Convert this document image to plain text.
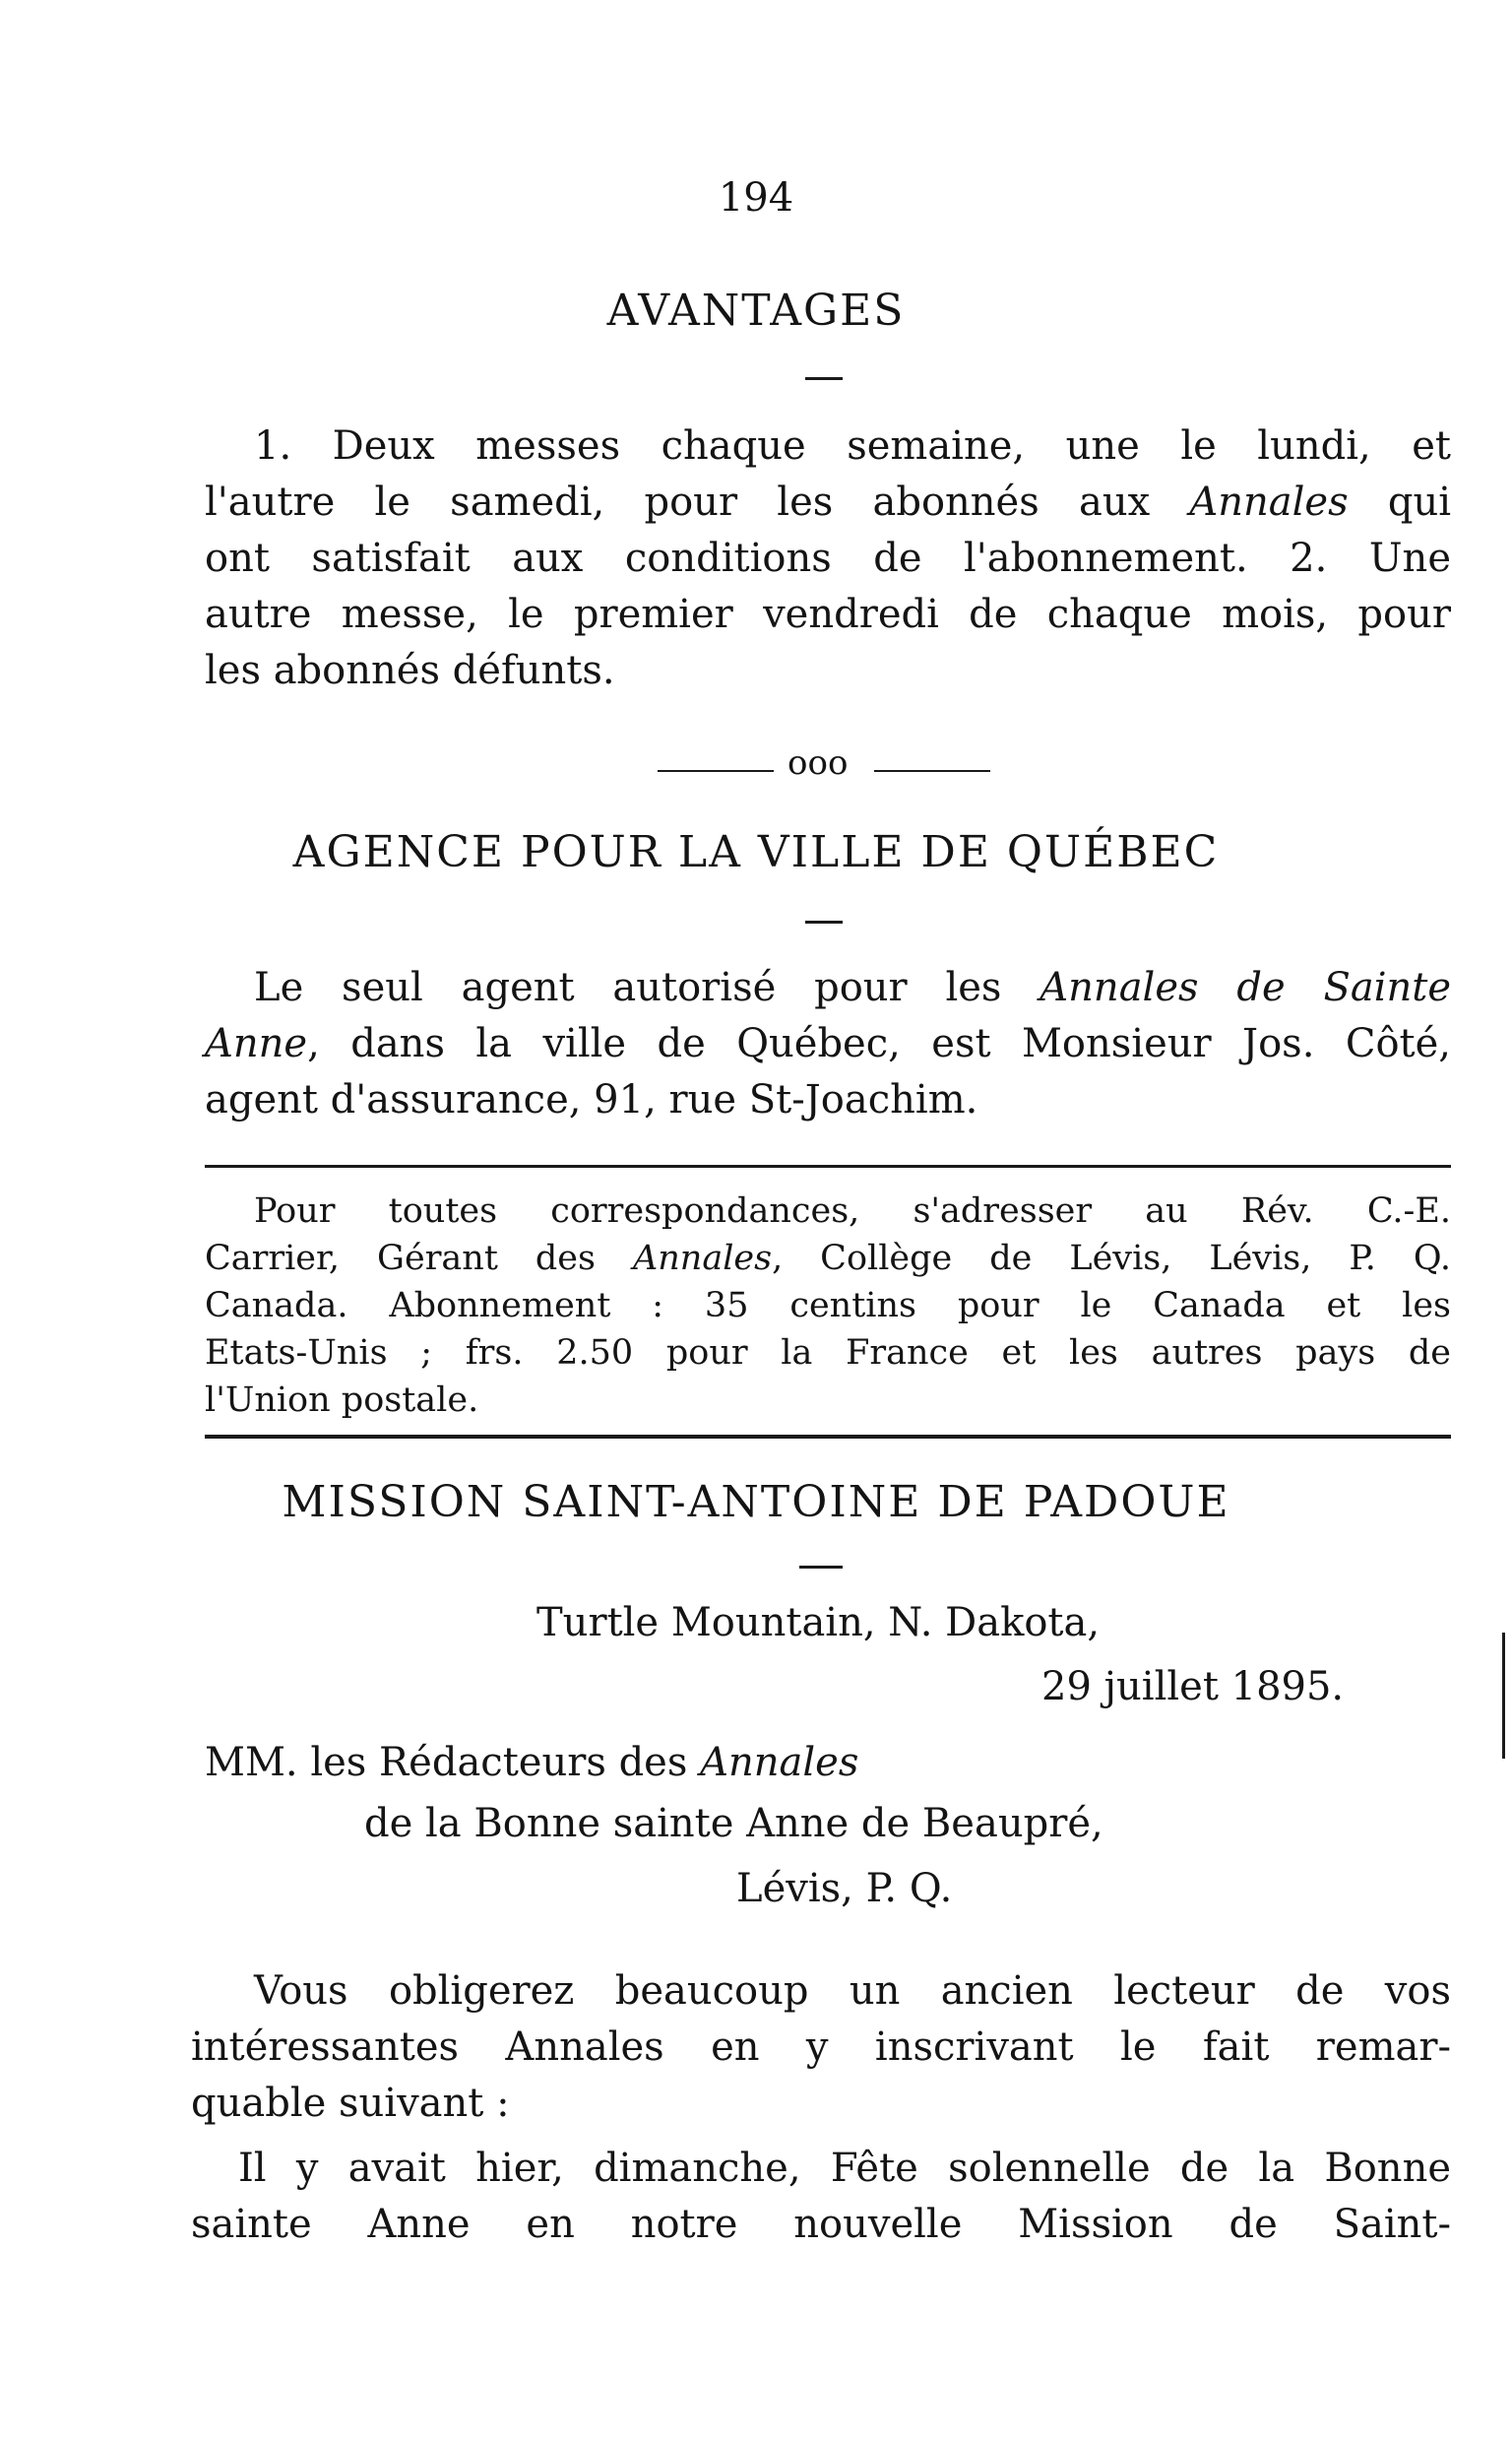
194
AVANTAGES
1. Deux messes chaque semaine, une le lundi, et
l'autre le samedi, pour les abonnés aux Annales qui
ont satisfait aux conditions de l'abonnement. 2. Une
autre messe, le premier vendredi de chaque mois, pour
les abonnés défunts.
ooo
AGENCE POUR LA VILLE DE QUÉBEC
Le seul agent autorisé pour les Annales de Sainte
Anne, dans la ville de Québec, est Monsieur Jos. Côté,
agent d'assurance, 91, rue St-Joachim.
Pour toutes correspondances, s'adresser au Rév. C.-E.
Carrier, Gérant des Annales, Collège de Lévis, Lévis, P. Q.
Canada. Abonnement : 35 centins pour le Canada et les
Etats-Unis ; frs. 2.50 pour la France et les autres pays de
l'Union postale.
MISSION SAINT-ANTOINE DE PADOUE
Turtle Mountain, N. Dakota,
29 juillet 1895.
MM. les Rédacteurs des Annales
de la Bonne sainte Anne de Beaupré,
Lévis, P. Q.
Vous obligerez beaucoup un ancien lecteur de vos
intéressantes Annales en y inscrivant le fait remar-
quable suivant :
Il y avait hier, dimanche, Fête solennelle de la Bonne
sainte Anne en notre nouvelle Mission de Saint-
